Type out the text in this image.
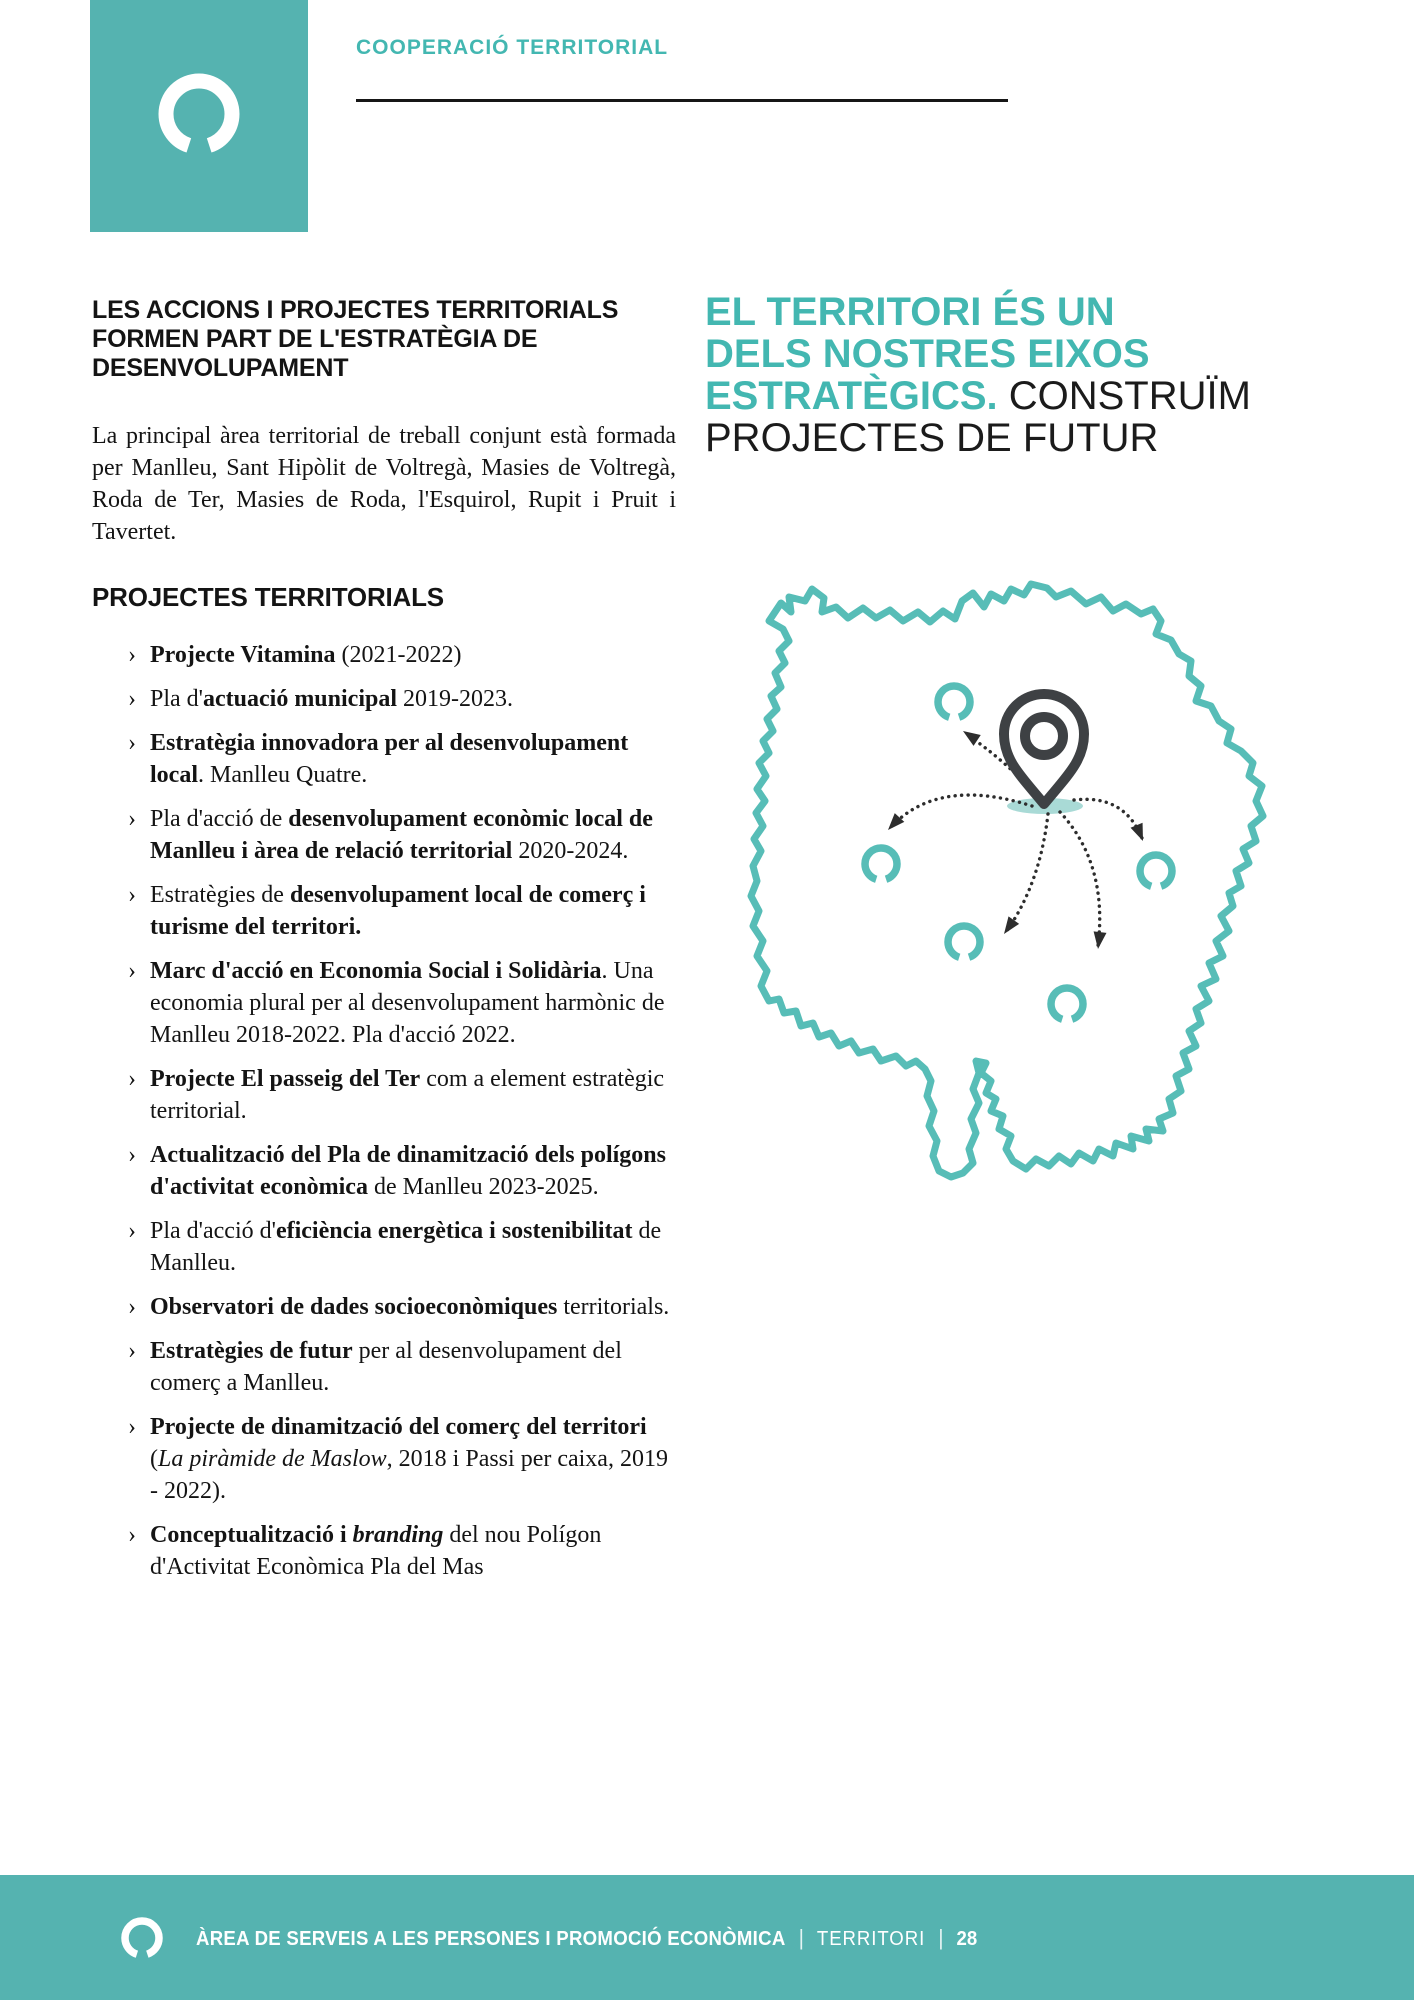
COOPERACIÓ TERRITORIAL
LES ACCIONS I PROJECTES TERRITORIALS FORMEN PART DE L'ESTRATÈGIA DE DESENVOLUPAMENT

La principal àrea territorial de treball conjunt està formada per Manlleu, Sant Hipòlit de Voltregà, Masies de Voltregà, Roda de Ter, Masies de Roda, l'Esquirol, Rupit i Pruit i Tavertet.

PROJECTES TERRITORIALS
› Projecte Vitamina (2021-2022)
› Pla d'actuació municipal 2019-2023.
› Estratègia innovadora per al desenvolupament local. Manlleu Quatre.
› Pla d'acció de desenvolupament econòmic local de Manlleu i àrea de relació territorial 2020-2024.
› Estratègies de desenvolupament local de comerç i turisme del territori.
› Marc d'acció en Economia Social i Solidària. Una economia plural per al desenvolupament harmònic de Manlleu 2018-2022. Pla d'acció 2022.
› Projecte El passeig del Ter com a element estratègic territorial.
› Actualització del Pla de dinamització dels polígons d'activitat econòmica de Manlleu 2023-2025.
› Pla d'acció d'eficiència energètica i sostenibilitat de Manlleu.
› Observatori de dades socioeconòmiques territorials.
› Estratègies de futur per al desenvolupament del comerç a Manlleu.
› Projecte de dinamització del comerç del territori (La piràmide de Maslow, 2018 i Passi per caixa, 2019 - 2022).
› Conceptualització i branding del nou Polígon d'Activitat Econòmica Pla del Mas
EL TERRITORI ÉS UN
DELS NOSTRES EIXOS
ESTRATÈGICS. CONSTRUÏM
PROJECTES DE FUTUR
ÀREA DE SERVEIS A LES PERSONES I PROMOCIÓ ECONÒMICA | TERRITORI | 28
